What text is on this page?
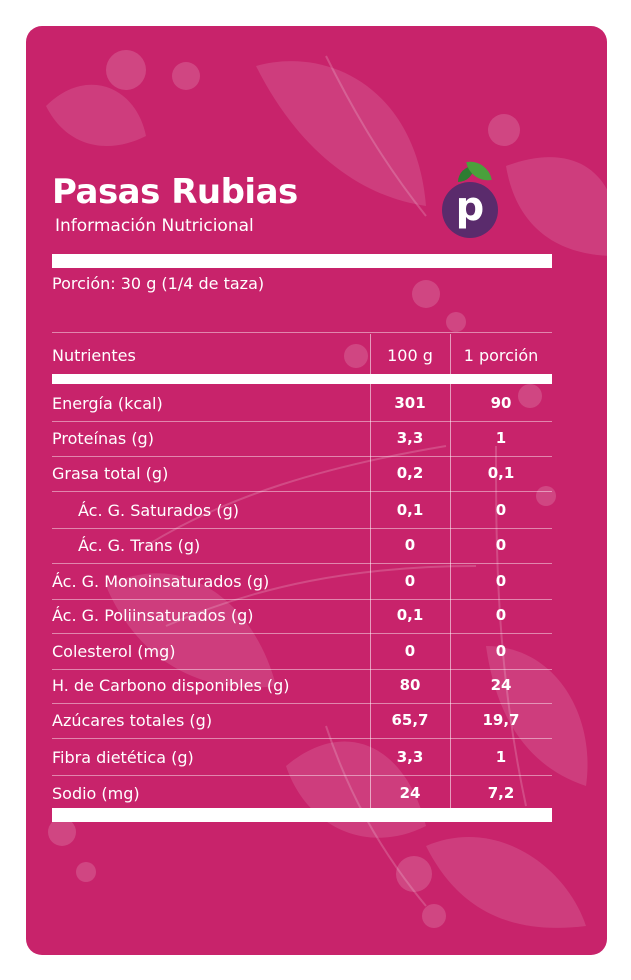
Pasas Rubias
Información Nutricional	p
Porción: 30 g (1/4 de taza)
Nutrientes	100 g	1 porción
Energía (kcal)	301	90
Proteínas (g)	3,3	1
Grasa total (g)	0,2	0,1
Ác. G. Saturados (g)	0,1	0
Ác. G. Trans (g)	0	0
Ác. G. Monoinsaturados (g)	0	0
Ác. G. Poliinsaturados (g)	0,1	0
Colesterol (mg)	0	0
H. de Carbono disponibles (g)	80	24
Azúcares totales (g)	65,7	19,7
Fibra dietética (g)	3,3	1
Sodio (mg)	24	7,2
